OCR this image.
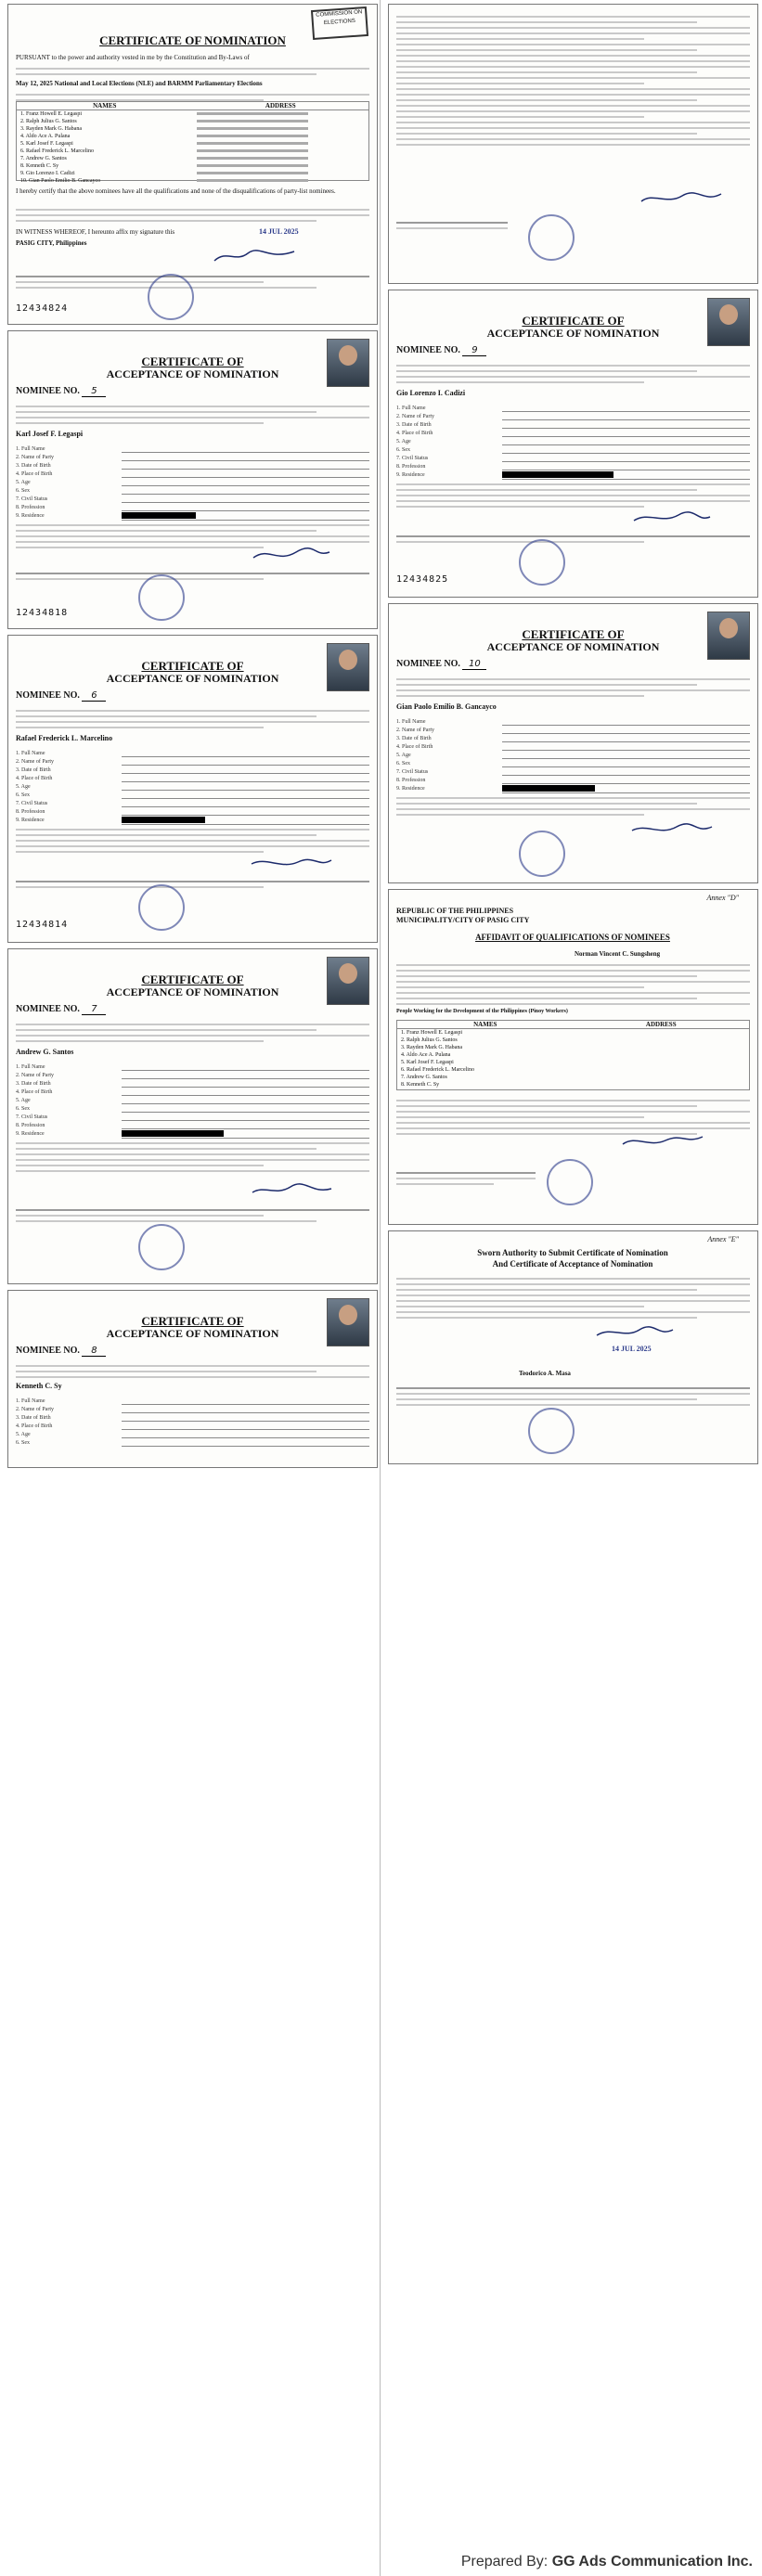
COMMISSION ON ELECTIONS
CERTIFICATE OF NOMINATION
PURSUANT to the power and authority vested in me by the Constitution and By-Laws of
May 12, 2025 National and Local Elections (NLE) and BARMM Parliamentary Elections
NAMES	ADDRESS
1. Franz Howell E. Legaspi
2. Ralph Julius G. Santos
3. Rayden Mark G. Habana
4. Aldo Ace A. Pulana
5. Karl Josef F. Legaspi
6. Rafael Frederick L. Marcelino
7. Andrew G. Santos
8. Kenneth C. Sy
9. Gio Lorenzo I. Cadizi
10. Gian Paolo Emilio B. Gancayco
I hereby certify that the above nominees have all the qualifications and none of the disqualifications of party-list nominees.
IN WITNESS WHEREOF, I hereunto affix my signature this	14 JUL 2025
PASIG CITY, Philippines
12434824
CERTIFICATE OF
ACCEPTANCE OF NOMINATION
NOMINEE NO. 5
Karl Josef F. Legaspi
1. Full Name
2. Name of Party
3. Date of Birth
4. Place of Birth
5. Age
6. Sex
7. Civil Status
8. Profession
9. Residence
12434818
CERTIFICATE OF
ACCEPTANCE OF NOMINATION
NOMINEE NO. 6
Rafael Frederick L. Marcelino
1. Full Name
2. Name of Party
3. Date of Birth
4. Place of Birth
5. Age
6. Sex
7. Civil Status
8. Profession
9. Residence
12434814
CERTIFICATE OF
ACCEPTANCE OF NOMINATION
NOMINEE NO. 7
Andrew G. Santos
1. Full Name
2. Name of Party
3. Date of Birth
4. Place of Birth
5. Age
6. Sex
7. Civil Status
8. Profession
9. Residence
CERTIFICATE OF
ACCEPTANCE OF NOMINATION
NOMINEE NO. 8
Kenneth C. Sy
1. Full Name
2. Name of Party
3. Date of Birth
4. Place of Birth
5. Age
6. Sex
CERTIFICATE OF
ACCEPTANCE OF NOMINATION
NOMINEE NO. 9
Gio Lorenzo I. Cadizi
1. Full Name
2. Name of Party
3. Date of Birth
4. Place of Birth
5. Age
6. Sex
7. Civil Status
8. Profession
9. Residence
12434825
CERTIFICATE OF
ACCEPTANCE OF NOMINATION
NOMINEE NO. 10
Gian Paolo Emilio B. Gancayco
1. Full Name
2. Name of Party
3. Date of Birth
4. Place of Birth
5. Age
6. Sex
7. Civil Status
8. Profession
9. Residence
Annex "D"
REPUBLIC OF THE PHILIPPINES
MUNICIPALITY/CITY OF PASIG CITY
AFFIDAVIT OF QUALIFICATIONS OF NOMINEES
Norman Vincent C. Sungsheng
People Working for the Development of the Philippines (Pinoy Workers)
NAMES	ADDRESS
1. Franz Howell E. Legaspi
2. Ralph Julius G. Santos
3. Rayden Mark G. Habana
4. Aldo Ace A. Pulana
5. Karl Josef F. Legaspi
6. Rafael Frederick L. Marcelino
7. Andrew G. Santos
8. Kenneth C. Sy
Annex "E"
Sworn Authority to Submit Certificate of Nomination
And Certificate of Acceptance of Nomination
14 JUL 2025
Teodorico A. Masa
Prepared By: GG Ads Communication Inc.
